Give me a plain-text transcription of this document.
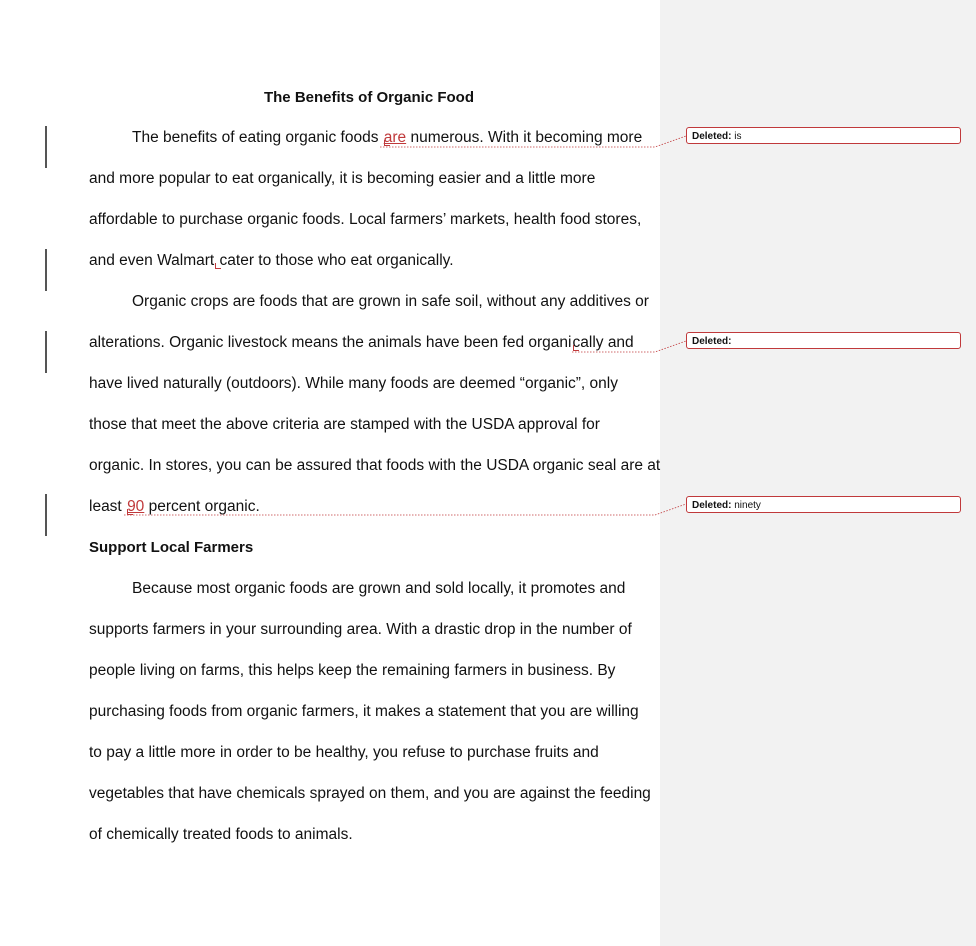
The Benefits of Organic Food
The benefits of eating organic foods are numerous. With it becoming more
and more popular to eat organically, it is becoming easier and a little more
affordable to purchase organic foods. Local farmers’ markets, health food stores,
and even Walmart cater to those who eat organically.
Organic crops are foods that are grown in safe soil, without any additives or
alterations. Organic livestock means the animals have been fed organically and
have lived naturally (outdoors). While many foods are deemed “organic”, only
those that meet the above criteria are stamped with the USDA approval for
organic. In stores, you can be assured that foods with the USDA organic seal are at
least 90 percent organic.
Support Local Farmers
Because most organic foods are grown and sold locally, it promotes and
supports farmers in your surrounding area. With a drastic drop in the number of
people living on farms, this helps keep the remaining farmers in business. By
purchasing foods from organic farmers, it makes a statement that you are willing
to pay a little more in order to be healthy, you refuse to purchase fruits and
vegetables that have chemicals sprayed on them, and you are against the feeding
of chemically treated foods to animals.
Deleted: is
Deleted:
Deleted: ninety
